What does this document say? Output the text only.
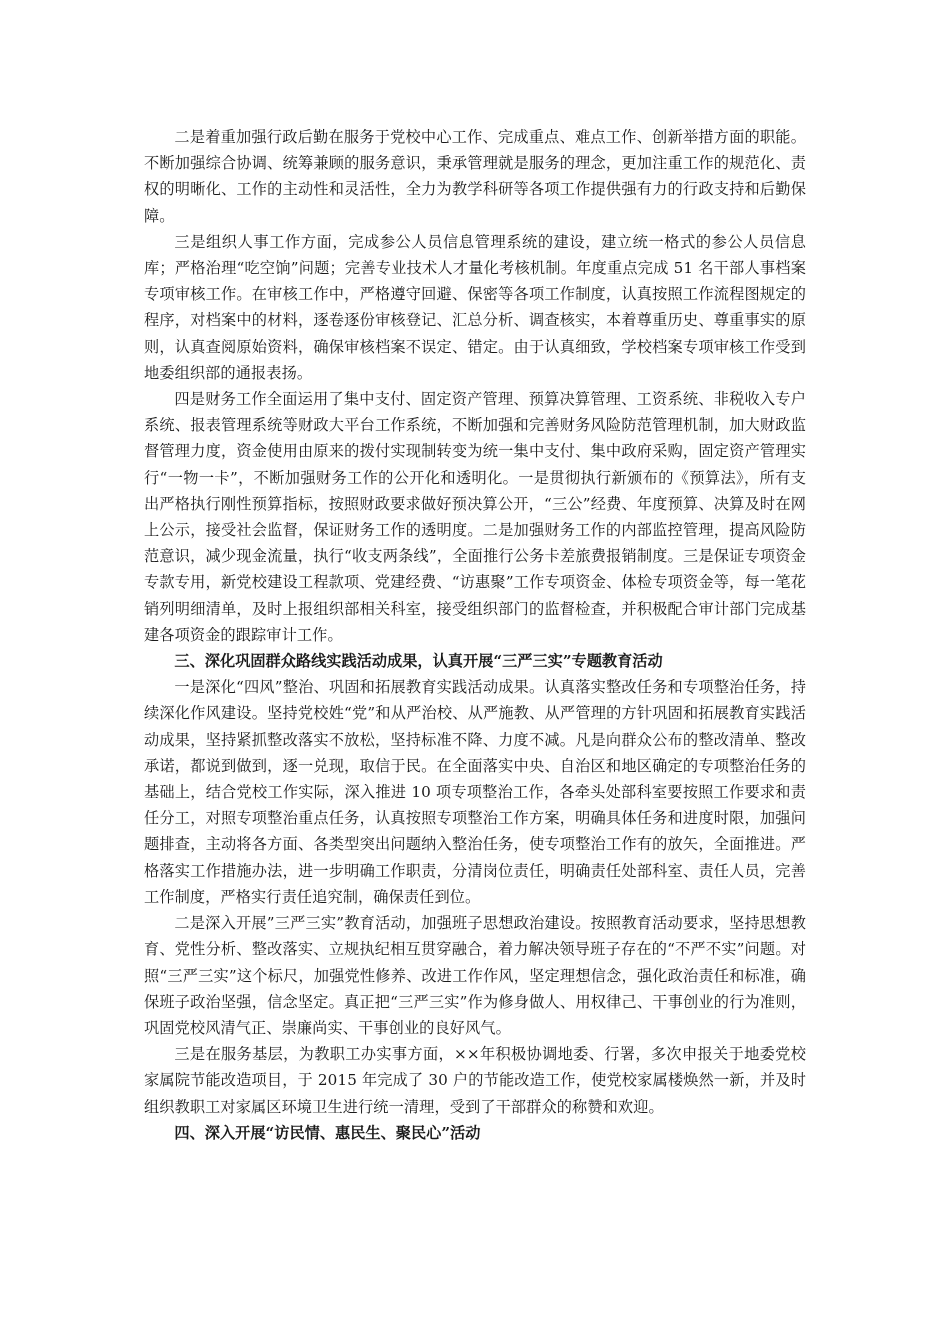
二是着重加强行政后勤在服务于党校中心工作、完成重点、难点工作、创新举措方面的职能。不断加强综合协调、统筹兼顾的服务意识，秉承管理就是服务的理念，更加注重工作的规范化、责权的明晰化、工作的主动性和灵活性，全力为教学科研等各项工作提供强有力的行政支持和后勤保障。

三是组织人事工作方面，完成参公人员信息管理系统的建设，建立统一格式的参公人员信息库；严格治理“吃空饷”问题；完善专业技术人才量化考核机制。年度重点完成 51 名干部人事档案专项审核工作。在审核工作中，严格遵守回避、保密等各项工作制度，认真按照工作流程图规定的程序，对档案中的材料，逐卷逐份审核登记、汇总分析、调查核实，本着尊重历史、尊重事实的原则，认真查阅原始资料，确保审核档案不误定、错定。由于认真细致，学校档案专项审核工作受到地委组织部的通报表扬。

四是财务工作全面运用了集中支付、固定资产管理、预算决算管理、工资系统、非税收入专户系统、报表管理系统等财政大平台工作系统，不断加强和完善财务风险防范管理机制，加大财政监督管理力度，资金使用由原来的拨付实现制转变为统一集中支付、集中政府采购，固定资产管理实行“一物一卡”，不断加强财务工作的公开化和透明化。一是贯彻执行新颁布的《预算法》，所有支出严格执行刚性预算指标，按照财政要求做好预决算公开，“三公”经费、年度预算、决算及时在网上公示，接受社会监督，保证财务工作的透明度。二是加强财务工作的内部监控管理，提高风险防范意识，减少现金流量，执行“收支两条线”，全面推行公务卡差旅费报销制度。三是保证专项资金专款专用，新党校建设工程款项、党建经费、“访惠聚”工作专项资金、体检专项资金等，每一笔花销列明细清单，及时上报组织部相关科室，接受组织部门的监督检查，并积极配合审计部门完成基建各项资金的跟踪审计工作。

三、深化巩固群众路线实践活动成果，认真开展“三严三实”专题教育活动

一是深化“四风”整治、巩固和拓展教育实践活动成果。认真落实整改任务和专项整治任务，持续深化作风建设。坚持党校姓“党”和从严治校、从严施教、从严管理的方针巩固和拓展教育实践活动成果，坚持紧抓整改落实不放松，坚持标准不降、力度不减。凡是向群众公布的整改清单、整改承诺，都说到做到，逐一兑现，取信于民。在全面落实中央、自治区和地区确定的专项整治任务的基础上，结合党校工作实际，深入推进 10 项专项整治工作，各牵头处部科室要按照工作要求和责任分工，对照专项整治重点任务，认真按照专项整治工作方案，明确具体任务和进度时限，加强问题排查，主动将各方面、各类型突出问题纳入整治任务，使专项整治工作有的放矢，全面推进。严格落实工作措施办法，进一步明确工作职责，分清岗位责任，明确责任处部科室、责任人员，完善工作制度，严格实行责任追究制，确保责任到位。

二是深入开展”三严三实”教育活动，加强班子思想政治建设。按照教育活动要求，坚持思想教育、党性分析、整改落实、立规执纪相互贯穿融合，着力解决领导班子存在的“不严不实”问题。对照“三严三实”这个标尺，加强党性修养、改进工作作风，坚定理想信念，强化政治责任和标准，确保班子政治坚强，信念坚定。真正把“三严三实”作为修身做人、用权律己、干事创业的行为准则，巩固党校风清气正、崇廉尚实、干事创业的良好风气。

三是在服务基层，为教职工办实事方面，××年积极协调地委、行署，多次申报关于地委党校家属院节能改造项目，于 2015 年完成了 30 户的节能改造工作，使党校家属楼焕然一新，并及时组织教职工对家属区环境卫生进行统一清理，受到了干部群众的称赞和欢迎。

四、深入开展“访民情、惠民生、聚民心”活动
